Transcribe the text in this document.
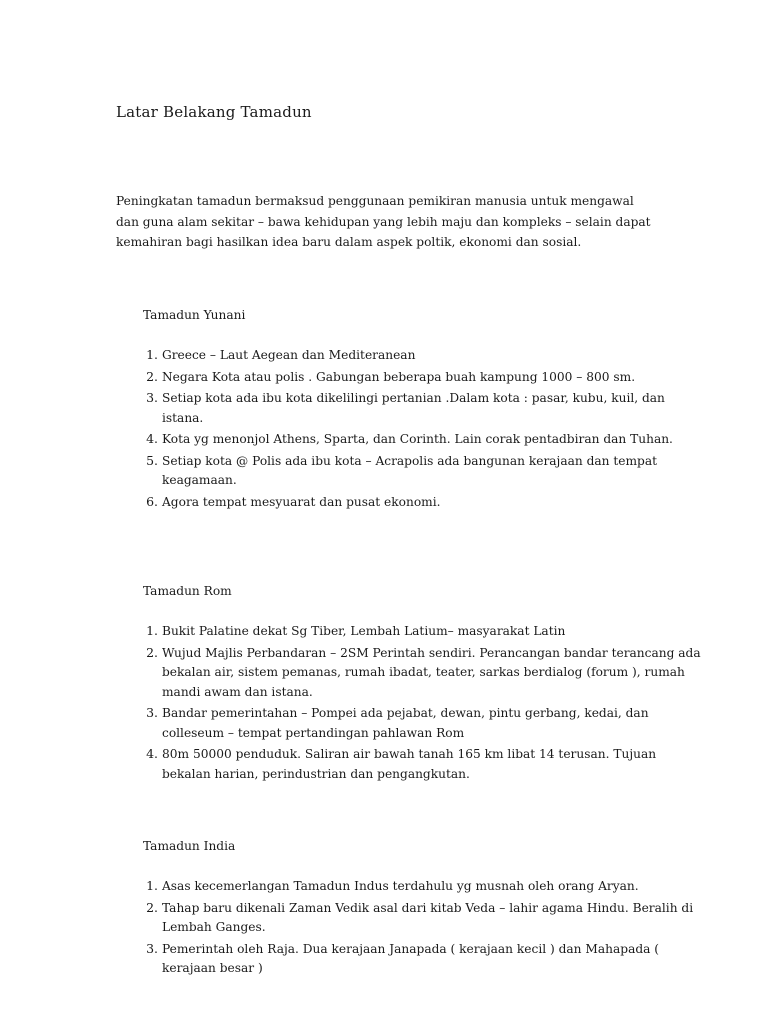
Latar Belakang Tamadun

Peningkatan tamadun bermaksud penggunaan pemikiran manusia untuk mengawal dan guna alam sekitar – bawa kehidupan yang lebih maju dan kompleks – selain dapat kemahiran bagi hasilkan idea baru dalam aspek poltik, ekonomi dan sosial.

Tamadun Yunani
1. Greece – Laut Aegean dan Mediteranean
2. Negara Kota atau polis . Gabungan beberapa buah kampung 1000 – 800 sm.
3. Setiap kota ada ibu kota dikelilingi pertanian .Dalam kota : pasar, kubu, kuil, dan istana.
4. Kota yg menonjol Athens, Sparta, dan Corinth. Lain corak pentadbiran dan Tuhan.
5. Setiap kota @ Polis ada ibu kota – Acrapolis ada bangunan kerajaan dan tempat keagamaan.
6. Agora tempat mesyuarat dan pusat ekonomi.
Tamadun Rom
1. Bukit Palatine dekat Sg Tiber, Lembah Latium– masyarakat Latin
2. Wujud Majlis Perbandaran – 2SM Perintah sendiri. Perancangan bandar terancang ada bekalan air, sistem pemanas, rumah ibadat, teater, sarkas berdialog (forum ), rumah mandi awam dan istana.
3. Bandar pemerintahan – Pompei ada pejabat, dewan, pintu gerbang, kedai, dan colleseum – tempat pertandingan pahlawan Rom
4. 80m 50000 penduduk. Saliran air bawah tanah 165 km libat 14 terusan. Tujuan bekalan harian, perindustrian dan pengangkutan.
Tamadun India
1. Asas kecemerlangan Tamadun Indus terdahulu yg musnah oleh orang Aryan.
2. Tahap baru dikenali Zaman Vedik asal dari kitab Veda – lahir agama Hindu. Beralih di Lembah Ganges.
3. Pemerintah oleh Raja. Dua kerajaan Janapada ( kerajaan kecil ) dan Mahapada ( kerajaan besar )
